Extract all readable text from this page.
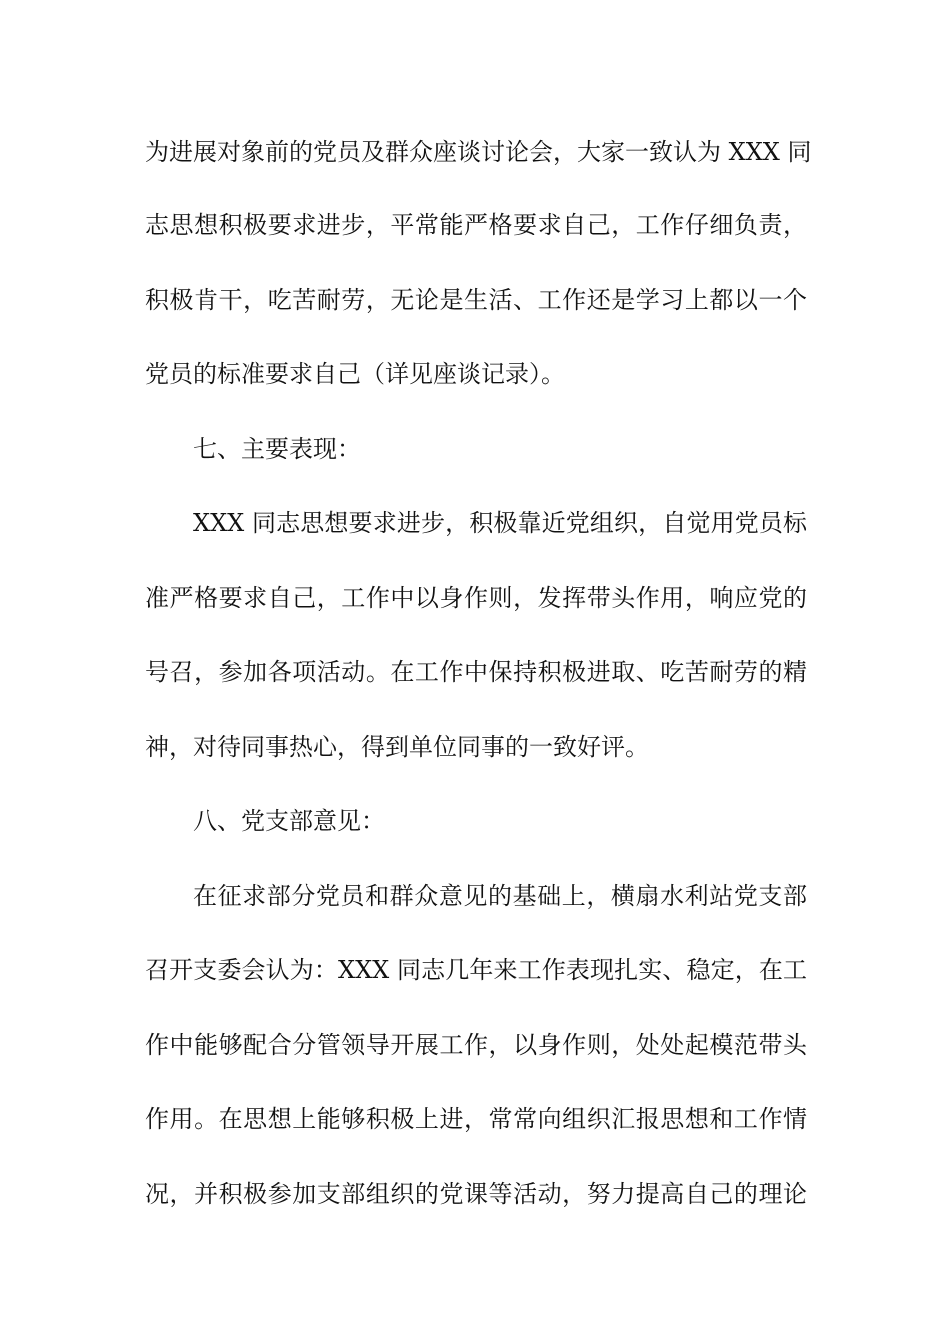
为进展对象前的党员及群众座谈讨论会，大家一致认为 XXX 同
志思想积极要求进步，平常能严格要求自己，工作仔细负责，
积极肯干，吃苦耐劳，无论是生活、工作还是学习上都以一个
党员的标准要求自己（详见座谈记录）。
七、主要表现：
XXX 同志思想要求进步，积极靠近党组织，自觉用党员标
准严格要求自己，工作中以身作则，发挥带头作用，响应党的
号召，参加各项活动。在工作中保持积极进取、吃苦耐劳的精
神，对待同事热心，得到单位同事的一致好评。
八、党支部意见：
在征求部分党员和群众意见的基础上，横扇水利站党支部
召开支委会认为：XXX 同志几年来工作表现扎实、稳定，在工
作中能够配合分管领导开展工作，以身作则，处处起模范带头
作用。在思想上能够积极上进，常常向组织汇报思想和工作情
况，并积极参加支部组织的党课等活动，努力提高自己的理论
